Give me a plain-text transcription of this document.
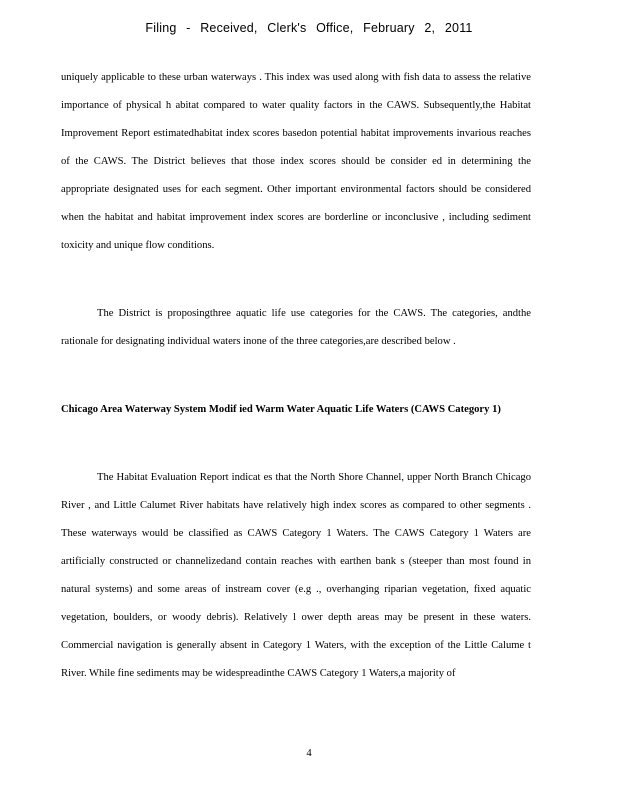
Filing - Received, Clerk's Office, February 2, 2011
uniquely applicable to these urban waterways . This index was used along with fish data to assess the relative importance of physical h abitat compared to water quality factors in the CAWS. Subsequently,the Habitat Improvement Report estimatedhabitat index scores basedon potential habitat improvements invarious reaches of the CAWS. The District believes that those index scores should be consider ed in determining the appropriate designated uses for each segment. Other important environmental factors should be considered when the habitat and habitat improvement index scores are borderline or inconclusive , including sediment toxicity and unique flow conditions.
The District is proposingthree aquatic life use categories for the CAWS. The categories, andthe rationale for designating individual waters inone of the three categories,are described below .
Chicago Area Waterway System Modif ied Warm Water Aquatic Life Waters (CAWS Category 1)
The Habitat Evaluation Report indicat es that the North Shore Channel, upper North Branch Chicago River , and Little Calumet River habitats have relatively high index scores as compared to other segments . These waterways would be classified as CAWS Category 1 Waters. The CAWS Category 1 Waters are artificially constructed or channelizedand contain reaches with earthen bank s (steeper than most found in natural systems) and some areas of instream cover (e.g ., overhanging riparian vegetation, fixed aquatic vegetation, boulders, or woody debris). Relatively l ower depth areas may be present in these waters. Commercial navigation is generally absent in Category 1 Waters, with the exception of the Little Calume t River. While fine sediments may be widespreadinthe CAWS Category 1 Waters,a majority of
4
